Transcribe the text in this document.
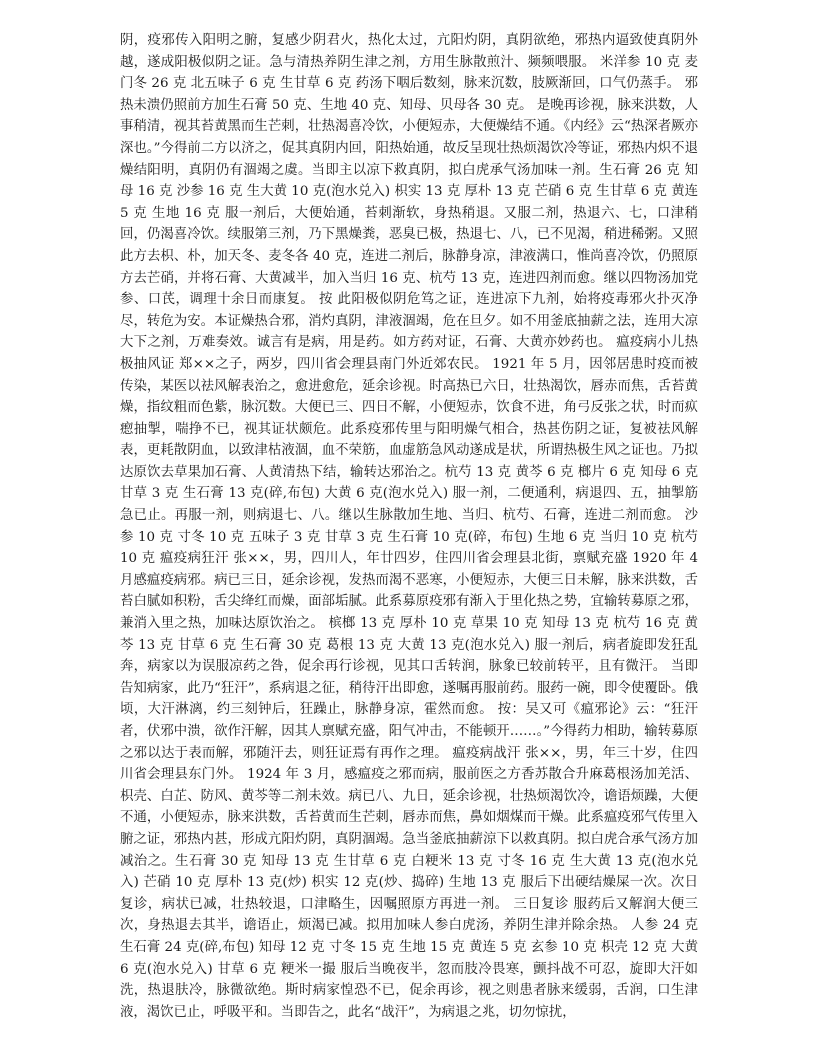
阴，疫邪传入阳明之腑，复感少阴君火，热化太过，亢阳灼阴，真阴欲绝，邪热内逼致使真阴外越，遂成阳极似阴之证。急与清热养阴生津之剂，方用生脉散煎汁、频频喂服。 米洋参 10 克 麦门冬 26 克 北五味子 6 克 生甘草 6 克 药汤下咽后数刻，脉来沉数，肢厥渐回，口气仍蒸手。 邪热未溃仍照前方加生石膏 50 克、生地 40 克、知母、贝母各 30 克。 是晚再诊视，脉来洪数，人事稍清，视其苔黄黑而生芒刺，壮热渴喜冷饮，小便短赤，大便燥结不通。《内经》云“热深者厥亦深也。”今得前二方以济之，促其真阴内回，阳热始通，故反呈现壮热烦渴饮冷等证，邪热内炽不退燥结阳明，真阴仍有涸竭之虞。当即主以凉下救真阴，拟白虎承气汤加味一剂。生石膏 26 克 知母 16 克 沙参 16 克 生大黄 10 克(泡水兑入) 枳实 13 克 厚朴 13 克 芒硝 6 克 生甘草 6 克 黄连 5 克 生地 16 克 服一剂后，大便始通，苔刺渐软，身热稍退。又服二剂，热退六、七，口津稍回，仍渴喜冷饮。续服第三剂，乃下黑燥粪，恶臭已极，热退七、八，已不见渴，稍进稀粥。又照此方去枳、朴，加天冬、麦冬各 40 克，连进二剂后，脉静身凉，津液满口，惟尚喜冷饮，仍照原方去芒硝，并将石膏、大黄减半，加入当归 16 克、杭芍 13 克，连进四剂而愈。继以四物汤加党参、口芪，调理十余日而康复。 按 此阳极似阴危笃之证，连进凉下九剂，始将疫毒邪火扑灭净尽，转危为安。本证燥热合邪，消灼真阴，津液涸竭，危在旦夕。如不用釜底抽薪之法，连用大凉大下之剂，万难奏效。诚言有是病，用是药。如方药对证，石膏、大黄亦妙药也。 瘟疫病小儿热极抽风证 郑××之子，两岁，四川省会理县南门外近郊农民。 1921 年 5 月，因邻居患时疫而被传染，某医以祛风解表治之，愈进愈危，延余诊视。时高热已六日，壮热渴饮，唇赤而焦，舌苔黄燥，指纹粗而色紫，脉沉数。大便已三、四日不解，小便短赤，饮食不进，角弓反张之状，时而疭瘛抽掣，喘挣不已，视其证状颇危。此系疫邪传里与阳明燥气相合，热甚伤阴之证，复被祛风解表，更耗散阴血，以致津枯液涸，血不荣筋，血虚筋急风动遂成是状，所谓热极生风之证也。乃拟达原饮去草果加石膏、人黄清热下结，输转达邪治之。杭芍 13 克 黄芩 6 克 榔片 6 克 知母 6 克 甘草 3 克 生石膏 13 克(碎,布包) 大黄 6 克(泡水兑入) 服一剂，二便通利，病退四、五，抽掣筋急已止。再服一剂，则病退七、八。继以生脉散加生地、当归、杭芍、石膏，连进二剂而愈。 沙参 10 克 寸冬 10 克 五味子 3 克 甘草 3 克 生石膏 10 克(碎，布包) 生地 6 克 当归 10 克 杭芍 10 克 瘟疫病狂汗 张××，男，四川人，年廿四岁，住四川省会理县北街，禀赋充盛 1920 年 4 月感瘟疫病邪。病已三日，延余诊视，发热而渴不恶寒，小便短赤，大便三日未解，脉来洪数，舌苔白腻如积粉，舌尖绛红而燥，面部垢腻。此系募原疫邪有渐入于里化热之势，宜输转募原之邪，兼消入里之热，加味达原饮治之。 槟榔 13 克 厚朴 10 克 草果 10 克 知母 13 克 杭芍 16 克 黄芩 13 克 甘草 6 克 生石膏 30 克 葛根 13 克 大黄 13 克(泡水兑入) 服一剂后，病者旋即发狂乱奔，病家以为误服凉药之咎，促余再行诊视，见其口舌转润，脉象已较前转平，且有微汗。 当即告知病家，此乃“狂汗”，系病退之征，稍待汗出即愈，遂嘱再服前药。服药一碗，即令使覆卧。俄顷，大汗淋漓，约三刻钟后，狂躁止，脉静身凉，霍然而愈。 按：吴又可《瘟邪论》云：“狂汗者，伏邪中溃，欲作汗解，因其人禀赋充盛，阳气冲击，不能顿开……。”今得药力相助，输转募原之邪以达于表而解，邪随汗去，则狂证焉有再作之理。 瘟疫病战汗 张××，男，年三十岁，住四川省会理县东门外。 1924 年 3 月，感瘟疫之邪而病，服前医之方香苏散合升麻葛根汤加羌活、枳壳、白芷、防风、黄芩等二剂未效。病已八、九日，延余诊视，壮热烦渴饮冷，谵语烦躁，大便不通，小便短赤，脉来洪数，舌苔黄而生芒刺，唇赤而焦，鼻如烟煤而干燥。此系瘟疫邪气传里入腑之证，邪热内甚，形成亢阳灼阴，真阴涸竭。急当釜底抽薪涼下以救真阴。拟白虎合承气汤方加减治之。生石膏 30 克 知母 13 克 生甘草 6 克 白粳米 13 克 寸冬 16 克 生大黄 13 克(泡水兑入) 芒硝 10 克 厚朴 13 克(炒) 枳实 12 克(炒、捣碎) 生地 13 克 服后下出硬结燥屎一次。次日复诊，病状已减，壮热较退，口津略生，因嘱照原方再进一剂。 三日复诊 服药后又解润大便三次，身热退去其半，谵语止，烦渴已减。拟用加味人参白虎汤，养阴生津并除余热。 人参 24 克 生石膏 24 克(碎,布包) 知母 12 克 寸冬 15 克 生地 15 克 黄连 5 克 玄参 10 克 枳壳 12 克 大黄 6 克(泡水兑入) 甘草 6 克 粳米一撮 服后当晚夜半，忽而肢冷畏寒，颤抖战不可忍，旋即大汗如洗，热退肤冷，脉微欲绝。斯时病家惶恐不已，促余再诊，视之则患者脉来缓弱，舌润，口生津液，渴饮已止，呼吸平和。当即告之，此名“战汗”，为病退之兆，切勿惊扰，
